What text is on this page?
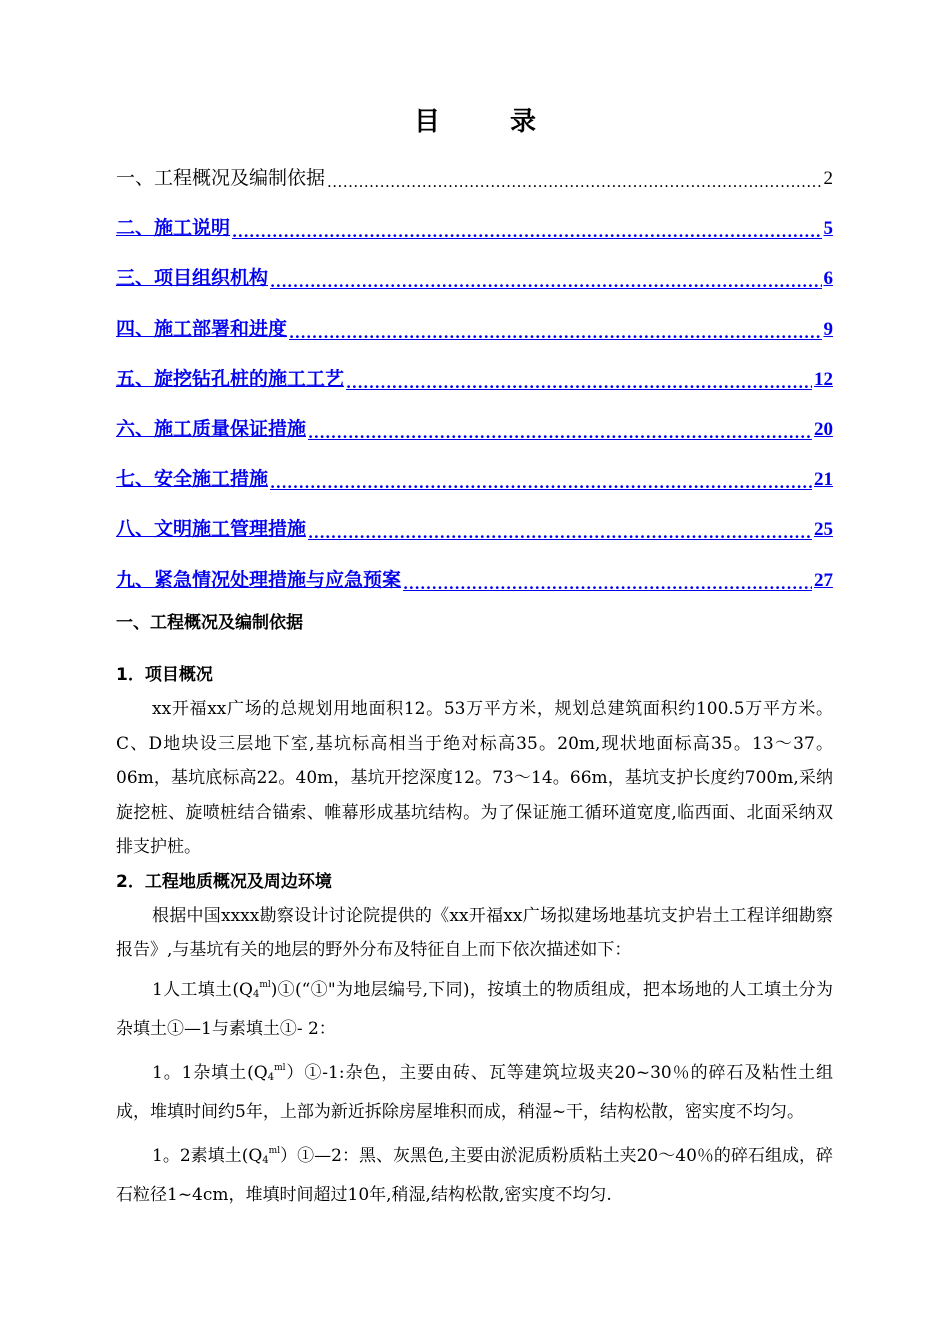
目录
一、工程概况及编制依据 .....	2
二、施工说明 .....	5
三、项目组织机构 .....	6
四、施工部署和进度 .....	9
五、旋挖钻孔桩的施工工艺 .....	12
六、施工质量保证措施 .....	20
七、安全施工措施 .....	21
八、文明施工管理措施 .....	25
九、紧急情况处理措施与应急预案 .....	27
一、工程概况及编制依据
1．项目概况

xx开福xx广场的总规划用地面积12。53万平方米，规划总建筑面积约100.5万平方米。C、D地块设三层地下室,基坑标高相当于绝对标高35。20m,现状地面标高35。13～37。06m，基坑底标高22。40m，基坑开挖深度12。73～14。66m，基坑支护长度约700m,采纳旋挖桩、旋喷桩结合锚索、帷幕形成基坑结构。为了保证施工循环道宽度,临西面、北面采纳双排支护桩。

2．工程地质概况及周边环境

根据中国xxxx勘察设计讨论院提供的《xx开福xx广场拟建场地基坑支护岩土工程详细勘察报告》,与基坑有关的地层的野外分布及特征自上而下依次描述如下：

1人工填土$(Q_4^{ml})①(“①$"为地层编号,下同)，按填土的物质组成，把本场地的人工填土分为杂填土①—1与素填土①- 2：

1。1杂填土$(Q_4^{ml})①-1$:杂色，主要由砖、瓦等建筑垃圾夹20~30％的碎石及粘性土组成，堆填时间约5年，上部为新近拆除房屋堆积而成，稍湿~干，结构松散，密实度不均匀。

1。2素填土$(Q_4^{ml})①—2$：黑、灰黑色,主要由淤泥质粉质粘土夹20～40％的碎石组成，碎石粒径1~4cm，堆填时间超过10年,稍湿,结构松散,密实度不均匀.
